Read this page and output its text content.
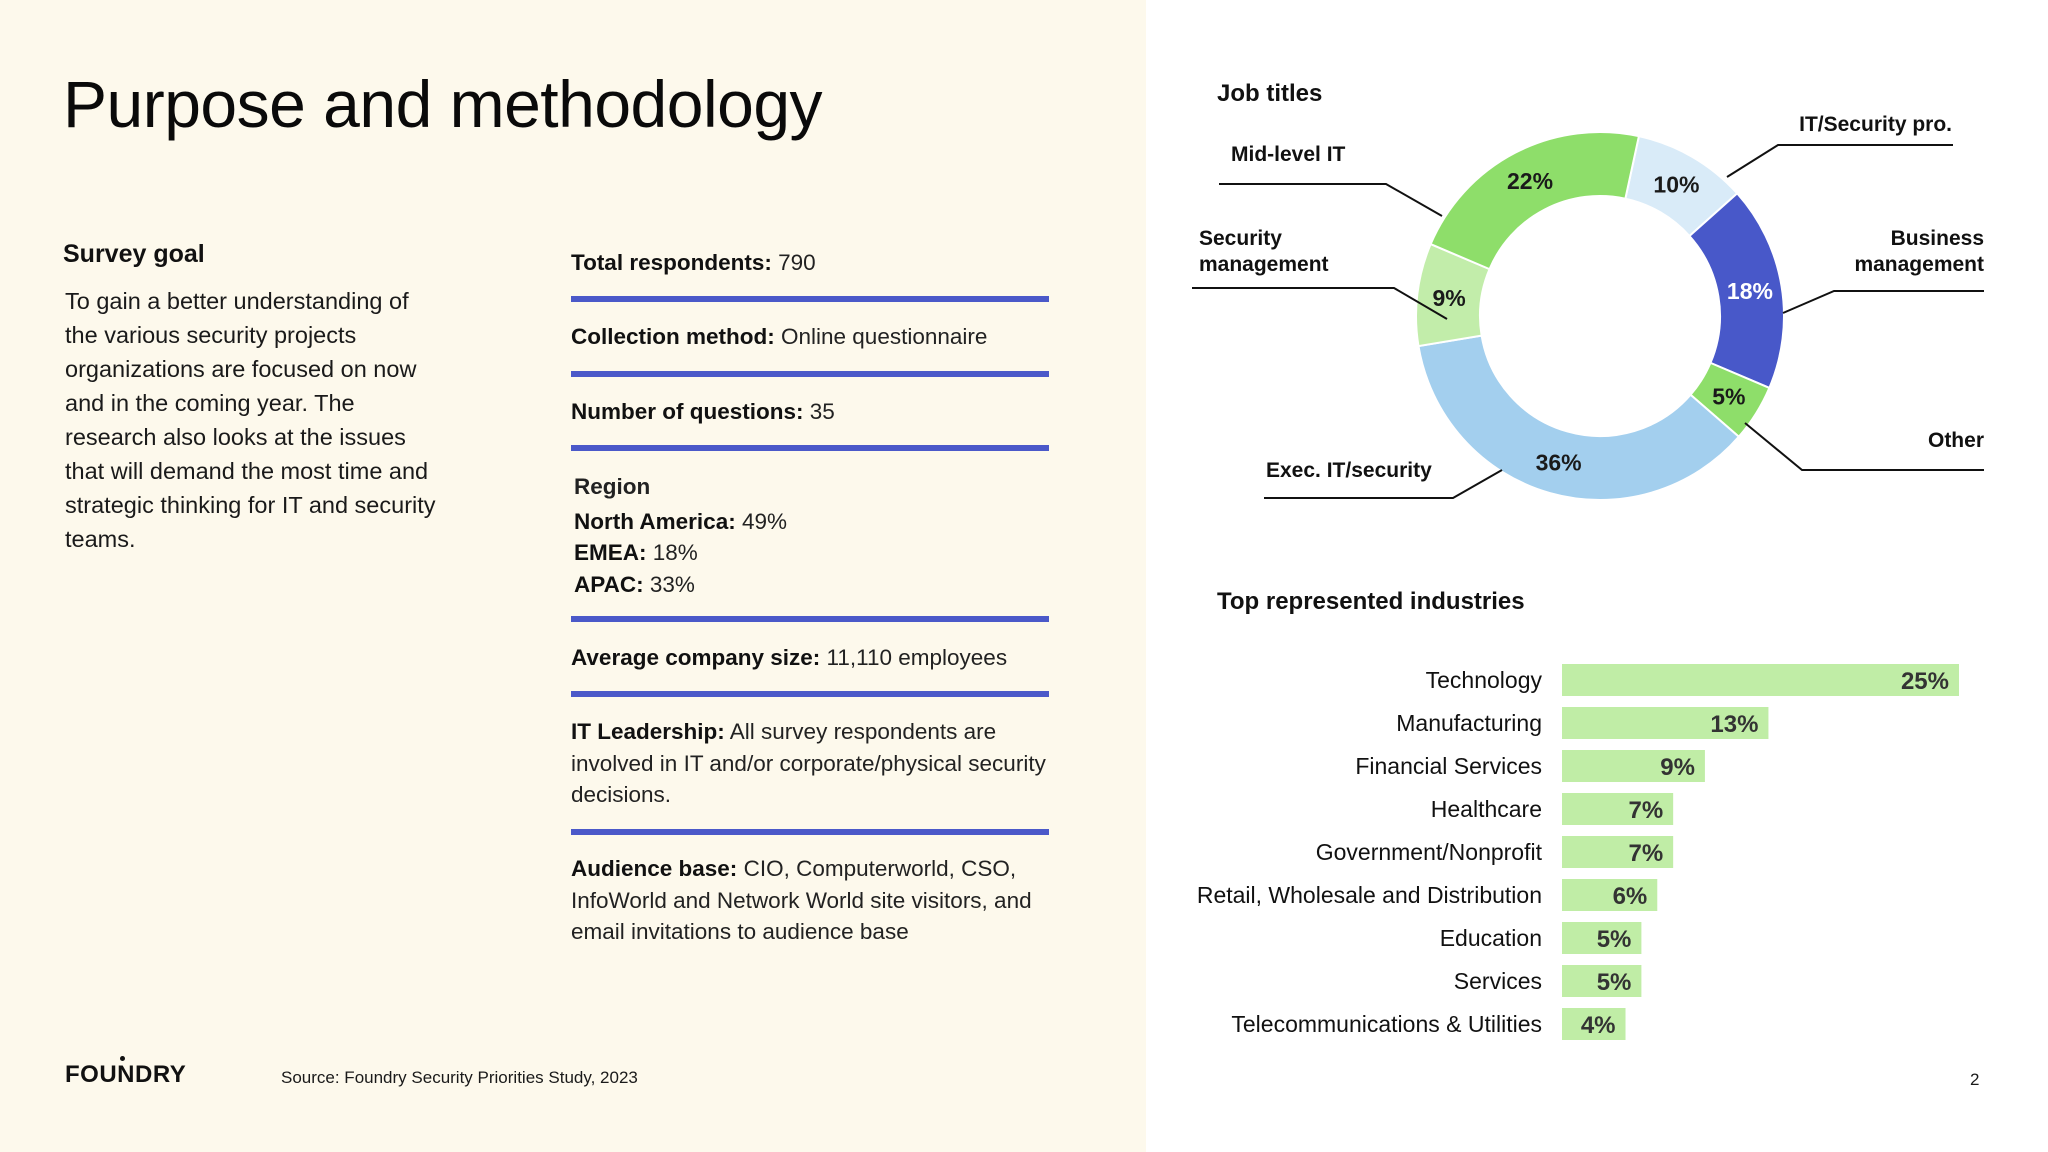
Purpose and methodology
Survey goal

To gain a better understanding of the various security projects organizations are focused on now and in the coming year. The research also looks at the issues that will demand the most time and strategic thinking for IT and security teams.

Total respondents: 790
Collection method: Online questionnaire
Number of questions: 35
Region
North America: 49%
EMEA: 18%
APAC: 33%
Average company size: 11,110 employees
IT Leadership: All survey respondents are involved in IT and/or corporate/physical security decisions.
Audience base: CIO, Computerworld, CSO, InfoWorld and Network World site visitors, and email invitations to audience base
FOUNDRY	Source: Foundry Security Priorities Study, 2023	2
Job titles
10%
IT/Security pro.
18%
Business management
5%
Other
36%
Exec. IT/security
9%
Security management
22%
Mid-level IT
Top represented industries
Technology	25%
Manufacturing	13%
Financial Services	9%
Healthcare	7%
Government/Nonprofit	7%
Retail, Wholesale and Distribution	6%
Education 5%
Services 5%
Telecommunications & Utilities 4%
